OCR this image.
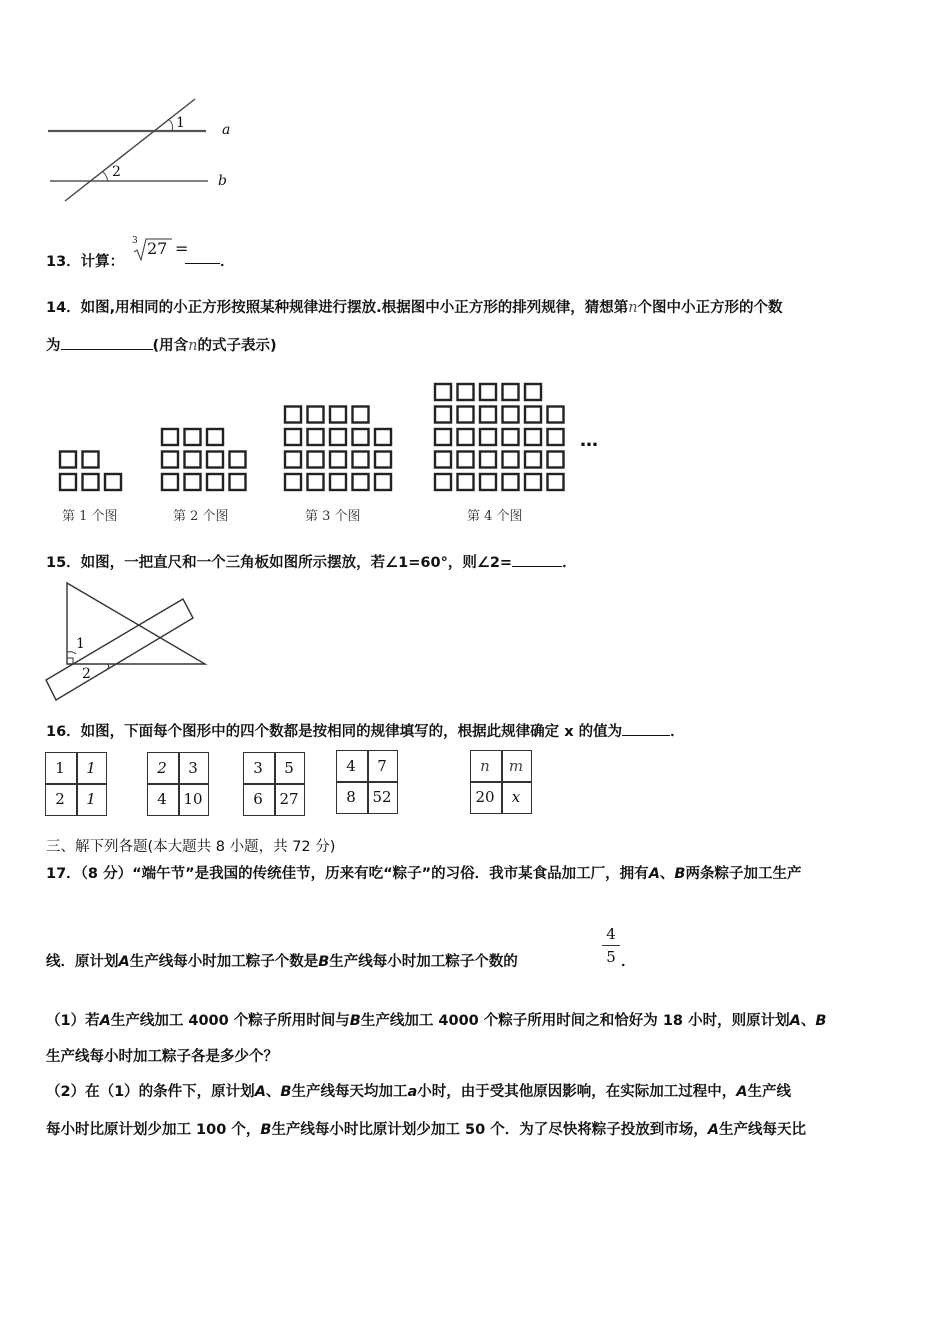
1
2
a
b
13．计算：
3 27 =
．
14．如图,用相同的小正方形按照某种规律进行摆放.根据图中小正方形的排列规律，猜想第n个图中小正方形的个数
为	(用含n的式子表示)
第 1 个图	第 2 个图	第 3 个图	第 4 个图
…
15．如图，一把直尺和一个三角板如图所示摆放，若∠1=60°，则∠2=	．
1
2
16．如图，下面每个图形中的四个数都是按相同的规律填写的，根据此规律确定 x 的值为	．
1	1
2	1
2	3
4	10
3	5
6	27
4	7
8	52
n	m
20	x
三、解下列各题(本大题共 8 小题，共 72 分)
17．（8 分）“端午节”是我国的传统佳节，历来有吃“粽子”的习俗．我市某食品加工厂，拥有A、B两条粽子加工生产
线．原计划A生产线每小时加工粽子个数是B生产线每小时加工粽子个数的
4
5 ．
（1）若A生产线加工 4000 个粽子所用时间与B生产线加工 4000 个粽子所用时间之和恰好为 18 小时，则原计划A、B
生产线每小时加工粽子各是多少个？
（2）在（1）的条件下，原计划A、B生产线每天均加工a小时，由于受其他原因影响，在实际加工过程中，A生产线
每小时比原计划少加工 100 个，B生产线每小时比原计划少加工 50 个．为了尽快将粽子投放到市场，A生产线每天比
